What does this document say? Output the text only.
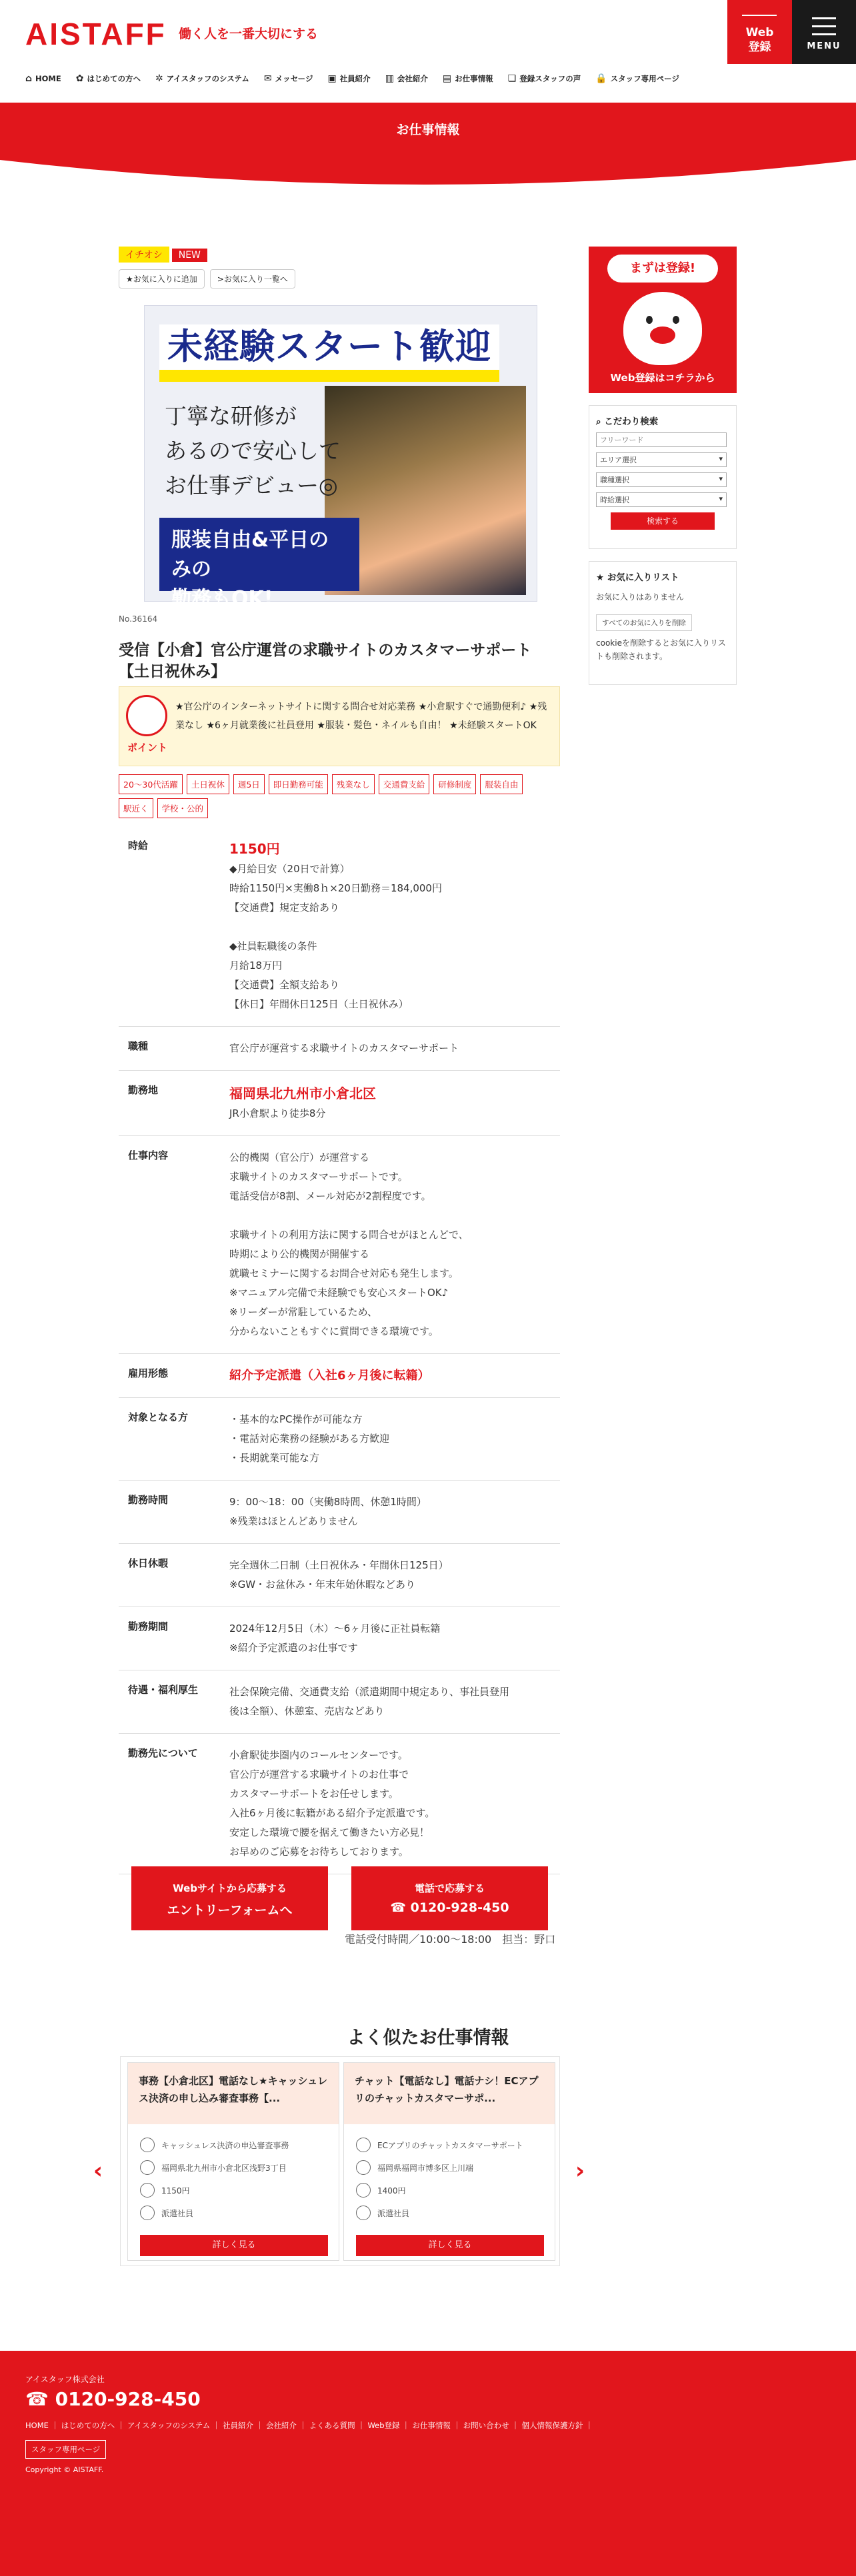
AISTAFF 働く人を一番大切にする	Web
登録	MENU
⌂ HOME ✿ はじめての方へ ✲ アイスタッフのシステム ✉ メッセージ ▣ 社員紹介 ▥ 会社紹介 ▤ お仕事情報 ❏ 登録スタッフの声 🔒 スタッフ専用ページ
お仕事情報
イチオシ NEW
★お気に入りに追加	>お気に入り一覧へ
未経験スタート歓迎
丁寧な研修が
あるので安心して
お仕事デビュー◎
服装自由&平日のみの
勤務もOK!
No.36164
受信【小倉】官公庁運営の求職サイトのカスタマーサポート【土日祝休み】
ポイント
★官公庁のインターネットサイトに関する問合せ対応業務 ★小倉駅すぐで通勤便利♪ ★残業なし ★6ヶ月就業後に社員登用 ★服装・髪色・ネイルも自由！ ★未経験スタートOK
20～30代活躍	土日祝休	週5日	即日勤務可能	残業なし	交通費支給	研修制度	服装自由
駅近く	学校・公的
時給	1150円
◆月給目安（20日で計算）
時給1150円×実働8ｈ×20日勤務＝184,000円
【交通費】規定支給あり
◆社員転職後の条件
月給18万円
【交通費】全額支給あり
【休日】年間休日125日（土日祝休み）
職種	官公庁が運営する求職サイトのカスタマーサポート
勤務地	福岡県北九州市小倉北区
JR小倉駅より徒歩8分
仕事内容	公的機関（官公庁）が運営する
求職サイトのカスタマーサポートです。
電話受信が8割、メール対応が2割程度です。
求職サイトの利用方法に関する問合せがほとんどで、
時期により公的機関が開催する
就職セミナーに関するお問合せ対応も発生します。
※マニュアル完備で未経験でも安心スタートOK♪
※リーダーが常駐しているため、
分からないこともすぐに質問できる環境です。
雇用形態	紹介予定派遣（入社6ヶ月後に転籍）
対象となる方	・基本的なPC操作が可能な方
・電話対応業務の経験がある方歓迎
・長期就業可能な方
勤務時間	9：00～18：00（実働8時間、休憩1時間）
※残業はほとんどありません
休日休暇	完全週休二日制（土日祝休み・年間休日125日）
※GW・お盆休み・年末年始休暇などあり
勤務期間	2024年12月5日（木）～6ヶ月後に正社員転籍
※紹介予定派遣のお仕事です
待遇・福利厚生	社会保険完備、交通費支給（派遣期間中規定あり、事社員登用
後は全額）、休憩室、売店などあり
勤務先について	小倉駅徒歩圏内のコールセンターです。
官公庁が運営する求職サイトのお仕事で
カスタマーサポートをお任せします。
入社6ヶ月後に転籍がある紹介予定派遣です。
安定した環境で腰を据えて働きたい方必見！
お早めのご応募をお待ちしております。
Webサイトから応募する
エントリーフォームへ
電話で応募する
☎ 0120-928-450
電話受付時間／10:00～18:00　担当：野口
よく似たお仕事情報
‹	›
事務【小倉北区】電話なし★キャッシュレス決済の申し込み審査事務【...
キャッシュレス決済の申込審査事務
福岡県北九州市小倉北区浅野3丁目
1150円
派遣社員
詳しく見る
チャット【電話なし】電話ナシ！ECアプリのチャットカスタマーサポ...
ECアプリのチャットカスタマーサポート
福岡県福岡市博多区上川端
1400円
派遣社員
詳しく見る
まずは登録!
Web登録はコチラから
⌕ こだわり検索
フリーワード
エリア選択 ▾
職種選択 ▾
時給選択 ▾
検索する
★ お気に入りリスト
お気に入りはありません
すべてのお気に入りを削除
cookieを削除するとお気に入りリストも削除されます。
アイスタッフ株式会社
☎ 0120-928-450
HOME ｜ はじめての方へ ｜ アイスタッフのシステム ｜ 社員紹介 ｜ 会社紹介 ｜ よくある質問 ｜ Web登録 ｜ お仕事情報 ｜ お問い合わせ ｜ 個人情報保護方針 ｜
スタッフ専用ページ
Copyright © AISTAFF.
